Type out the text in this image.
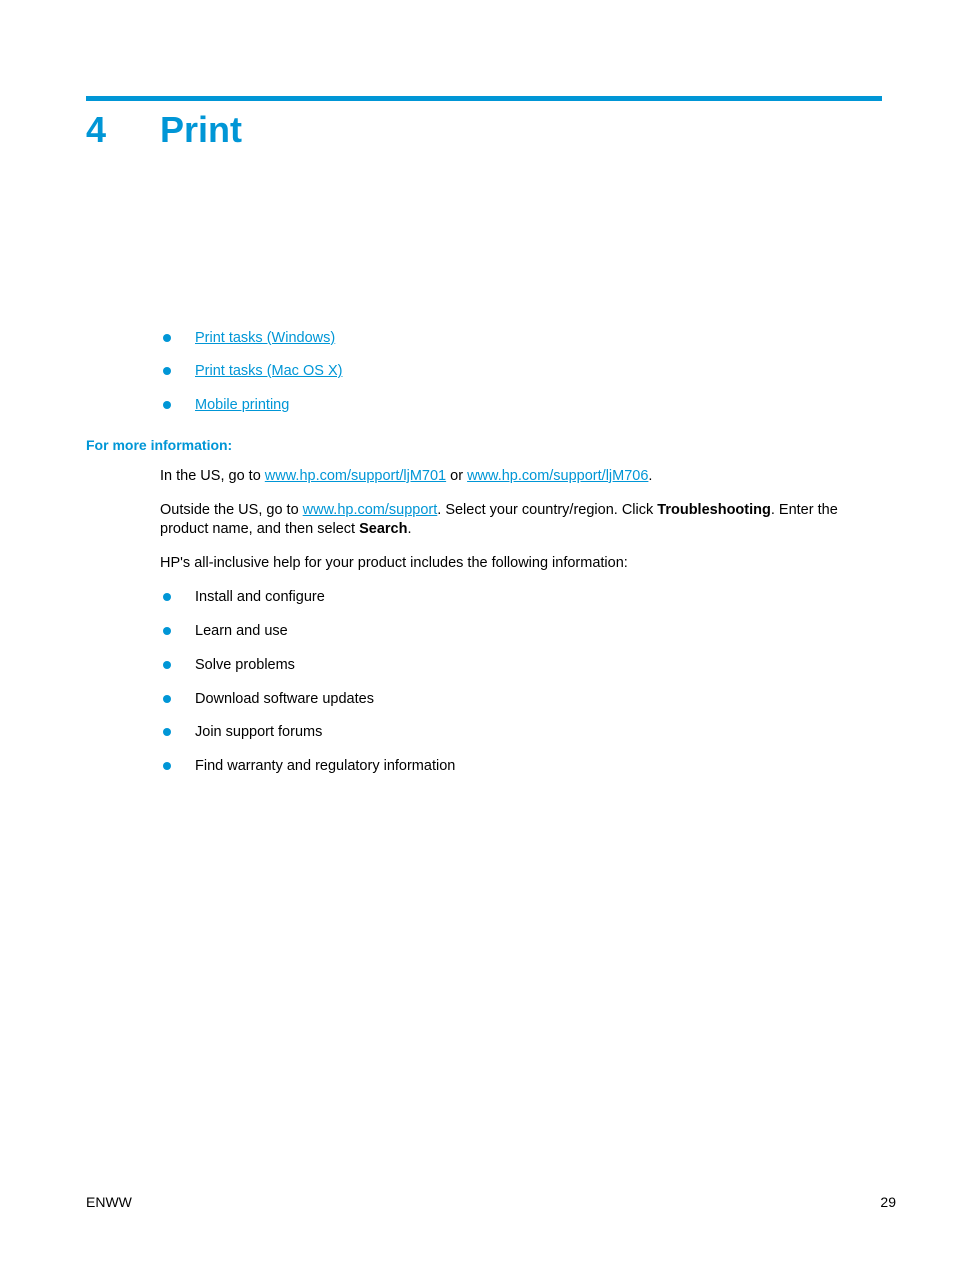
4 Print
Print tasks (Windows)
Print tasks (Mac OS X)
Mobile printing
For more information:

In the US, go to www.hp.com/support/ljM701 or www.hp.com/support/ljM706.

Outside the US, go to www.hp.com/support. Select your country/region. Click Troubleshooting. Enter the product name, and then select Search.

HP's all-inclusive help for your product includes the following information:

Install and configure
Learn and use
Solve problems
Download software updates
Join support forums
Find warranty and regulatory information
ENWW	29
